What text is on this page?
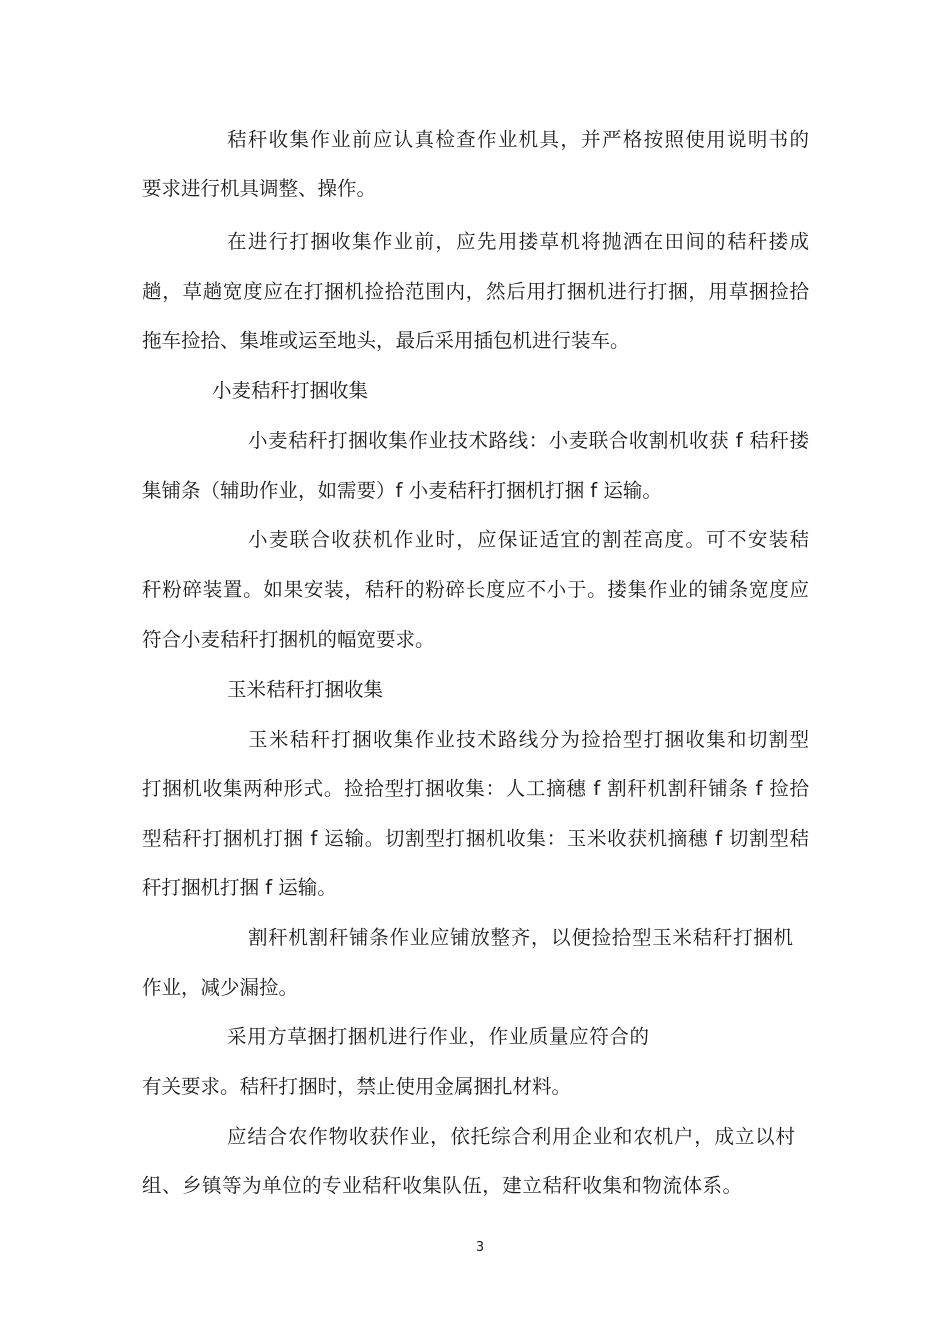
秸秆收集作业前应认真检查作业机具，并严格按照使用说明书的
要求进行机具调整、操作。
在进行打捆收集作业前，应先用搂草机将抛洒在田间的秸秆搂成
趟，草趟宽度应在打捆机捡拾范围内，然后用打捆机进行打捆，用草捆捡拾
拖车捡拾、集堆或运至地头，最后采用插包机进行装车。
小麦秸秆打捆收集
小麦秸秆打捆收集作业技术路线：小麦联合收割机收获 f 秸秆搂
集铺条（辅助作业，如需要）f 小麦秸秆打捆机打捆 f 运输。
小麦联合收获机作业时，应保证适宜的割茬高度。可不安装秸
秆粉碎装置。如果安装，秸秆的粉碎长度应不小于。搂集作业的铺条宽度应
符合小麦秸秆打捆机的幅宽要求。
玉米秸秆打捆收集
玉米秸秆打捆收集作业技术路线分为捡拾型打捆收集和切割型
打捆机收集两种形式。捡拾型打捆收集：人工摘穗 f 割秆机割秆铺条 f 捡拾
型秸秆打捆机打捆 f 运输。切割型打捆机收集：玉米收获机摘穗 f 切割型秸
秆打捆机打捆 f 运输。
割秆机割秆铺条作业应铺放整齐，以便捡拾型玉米秸秆打捆机
作业，减少漏捡。
采用方草捆打捆机进行作业，作业质量应符合的
有关要求。秸秆打捆时，禁止使用金属捆扎材料。
应结合农作物收获作业，依托综合利用企业和农机户，成立以村
组、乡镇等为单位的专业秸秆收集队伍，建立秸秆收集和物流体系。
3
